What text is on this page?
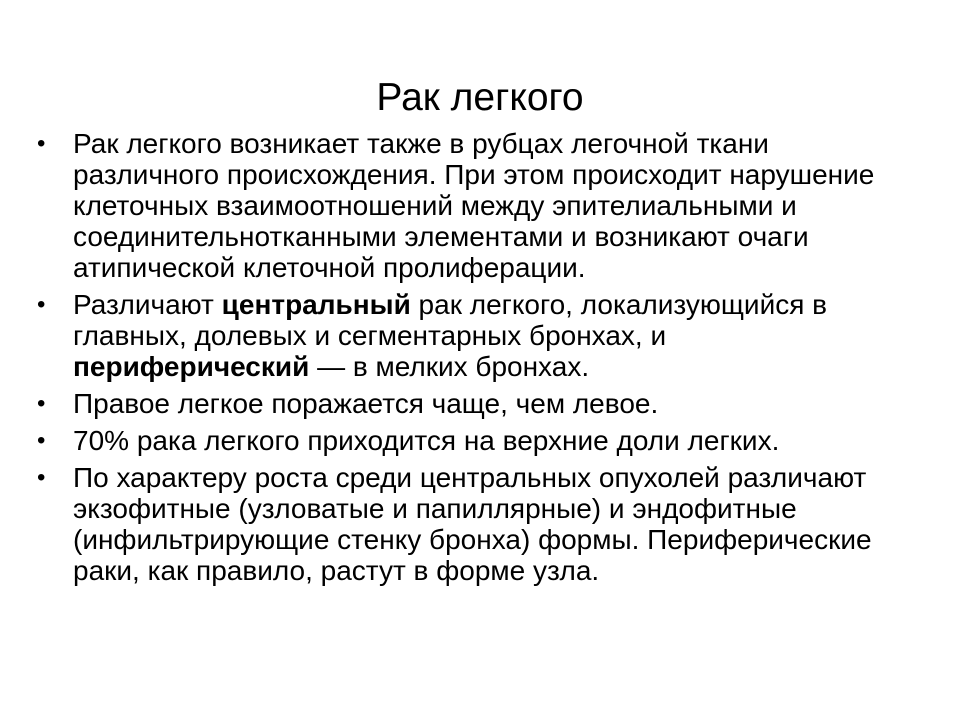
Рак легкого
• Рак легкого возникает также в рубцах легочной ткани различного происхождения. При этом происходит нарушение клеточных взаимоотношений между эпителиальными и соединительнотканными элементами и возникают очаги атипической клеточной пролиферации.
• Различают центральный рак легкого, локализующийся в главных, долевых и сегментарных бронхах, и периферический — в мелких бронхах.
• Правое легкое поражается чаще, чем левое.
• 70% рака легкого приходится на верхние доли легких.
• По характеру роста среди центральных опухолей различают экзофитные (узловатые и папиллярные) и эндофитные (инфильтрирующие стенку бронха) формы. Периферические раки, как правило, растут в форме узла.
